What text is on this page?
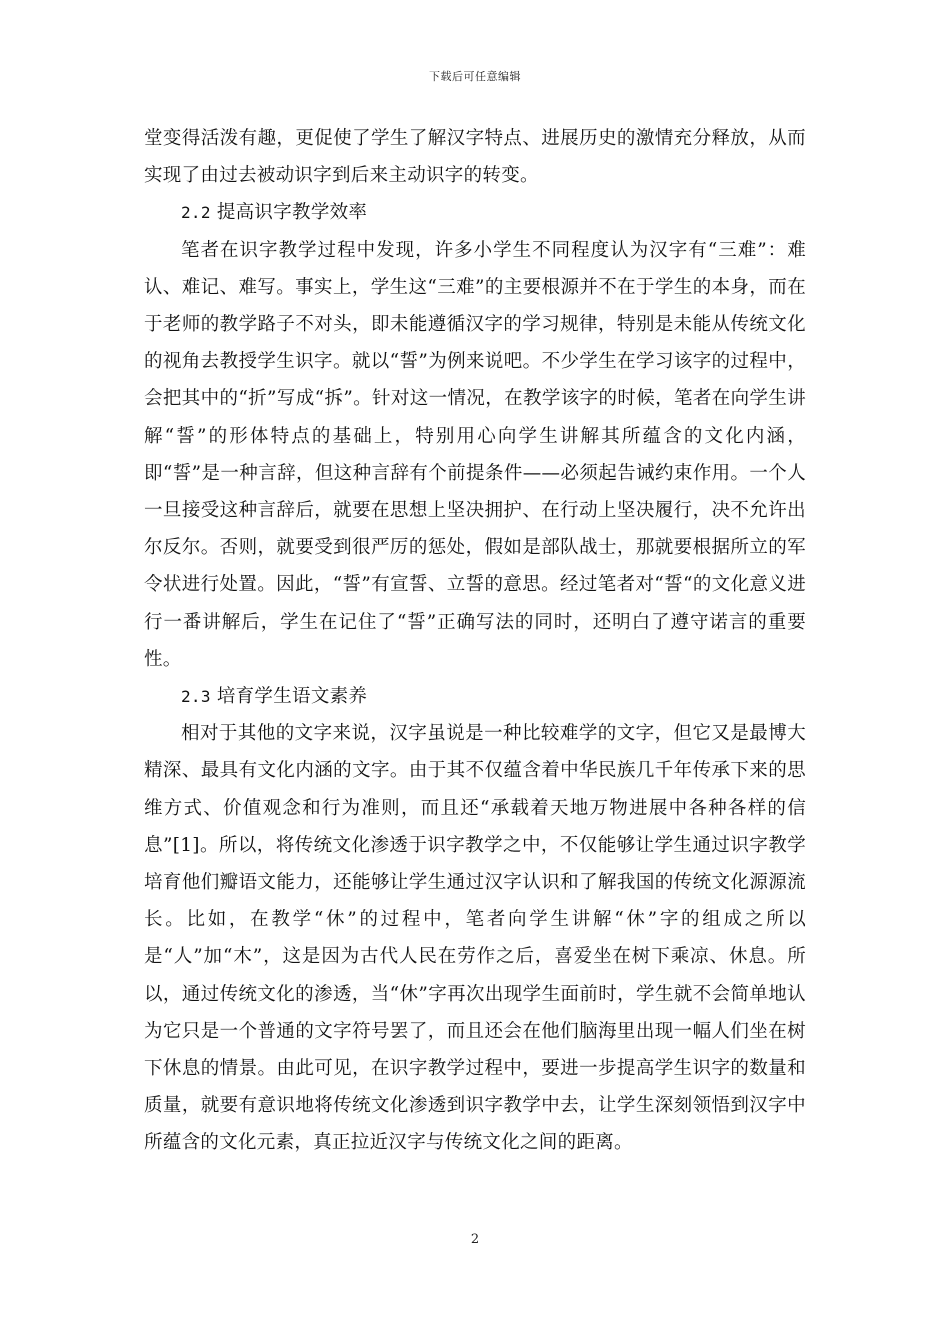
下载后可任意编辑

堂变得活泼有趣，更促使了学生了解汉字特点、进展历史的激情充分释放，从而实现了由过去被动识字到后来主动识字的转变。

2.2 提高识字教学效率

笔者在识字教学过程中发现，许多小学生不同程度认为汉字有“三难”：难认、难记、难写。事实上，学生这“三难”的主要根源并不在于学生的本身，而在于老师的教学路子不对头，即未能遵循汉字的学习规律，特别是未能从传统文化的视角去教授学生识字。就以“誓”为例来说吧。不少学生在学习该字的过程中，会把其中的“折”写成“拆”。针对这一情况，在教学该字的时候，笔者在向学生讲解“誓”的形体特点的基础上，特别用心向学生讲解其所蕴含的文化内涵，即“誓”是一种言辞，但这种言辞有个前提条件——必须起告诫约束作用。一个人一旦接受这种言辞后，就要在思想上坚决拥护、在行动上坚决履行，决不允许出尔反尔。否则，就要受到很严厉的惩处，假如是部队战士，那就要根据所立的军令状进行处置。因此，“誓”有宣誓、立誓的意思。经过笔者对“誓“的文化意义进行一番讲解后，学生在记住了“誓”正确写法的同时，还明白了遵守诺言的重要性。

2.3 培育学生语文素养

相对于其他的文字来说，汉字虽说是一种比较难学的文字，但它又是最博大精深、最具有文化内涵的文字。由于其不仅蕴含着中华民族几千年传承下来的思维方式、价值观念和行为准则，而且还“承载着天地万物进展中各种各样的信息”[1]。所以，将传统文化渗透于识字教学之中，不仅能够让学生通过识字教学培育他们瓣语文能力，还能够让学生通过汉字认识和了解我国的传统文化源源流长。比如，在教学“休”的过程中，笔者向学生讲解“休”字的组成之所以是“人”加“木”，这是因为古代人民在劳作之后，喜爱坐在树下乘凉、休息。所以，通过传统文化的渗透，当“休”字再次出现学生面前时，学生就不会简单地认为它只是一个普通的文字符号罢了，而且还会在他们脑海里出现一幅人们坐在树下休息的情景。由此可见，在识字教学过程中，要进一步提高学生识字的数量和质量，就要有意识地将传统文化渗透到识字教学中去，让学生深刻领悟到汉字中所蕴含的文化元素，真正拉近汉字与传统文化之间的距离。

2
